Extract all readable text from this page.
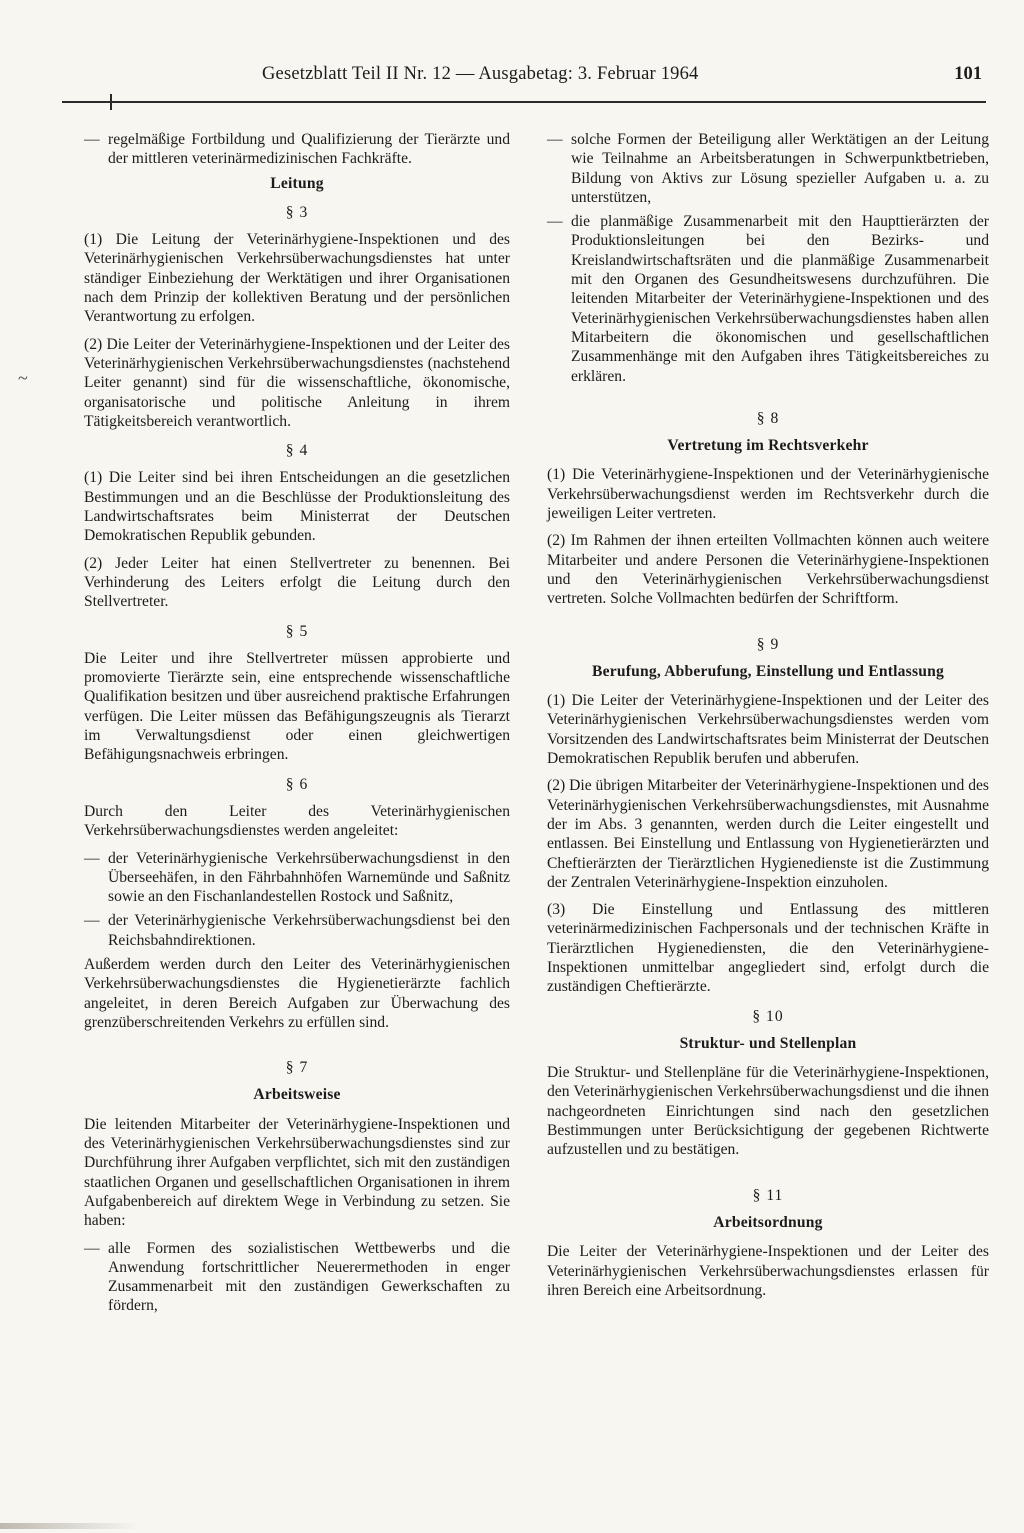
Gesetzblatt Teil II Nr. 12 — Ausgabetag: 3. Februar 1964	101
~
— regelmäßige Fortbildung und Qualifizierung der Tierärzte und der mittleren veterinärmedizinischen Fachkräfte.
Leitung
§ 3

(1) Die Leitung der Veterinärhygiene-Inspektionen und des Veterinärhygienischen Verkehrsüberwachungsdienstes hat unter ständiger Einbeziehung der Werktätigen und ihrer Organisationen nach dem Prinzip der kollektiven Beratung und der persönlichen Verantwortung zu erfolgen.

(2) Die Leiter der Veterinärhygiene-Inspektionen und der Leiter des Veterinärhygienischen Verkehrsüberwachungsdienstes (nachstehend Leiter genannt) sind für die wissenschaftliche, ökonomische, organisatorische und politische Anleitung in ihrem Tätigkeitsbereich verantwortlich.

§ 4

(1) Die Leiter sind bei ihren Entscheidungen an die gesetzlichen Bestimmungen und an die Beschlüsse der Produktionsleitung des Landwirtschaftsrates beim Ministerrat der Deutschen Demokratischen Republik gebunden.

(2) Jeder Leiter hat einen Stellvertreter zu benennen. Bei Verhinderung des Leiters erfolgt die Leitung durch den Stellvertreter.

§ 5

Die Leiter und ihre Stellvertreter müssen approbierte und promovierte Tierärzte sein, eine entsprechende wissenschaftliche Qualifikation besitzen und über ausreichend praktische Erfahrungen verfügen. Die Leiter müssen das Befähigungszeugnis als Tierarzt im Verwaltungsdienst oder einen gleichwertigen Befähigungsnachweis erbringen.

§ 6

Durch den Leiter des Veterinärhygienischen Verkehrsüberwachungsdienstes werden angeleitet:

— der Veterinärhygienische Verkehrsüberwachungsdienst in den Überseehäfen, in den Fährbahnhöfen Warnemünde und Saßnitz sowie an den Fischanlandestellen Rostock und Saßnitz,
— der Veterinärhygienische Verkehrsüberwachungsdienst bei den Reichsbahndirektionen.

Außerdem werden durch den Leiter des Veterinärhygienischen Verkehrsüberwachungsdienstes die Hygienetierärzte fachlich angeleitet, in deren Bereich Aufgaben zur Überwachung des grenzüberschreitenden Verkehrs zu erfüllen sind.

§ 7
Arbeitsweise

Die leitenden Mitarbeiter der Veterinärhygiene-Inspektionen und des Veterinärhygienischen Verkehrsüberwachungsdienstes sind zur Durchführung ihrer Aufgaben verpflichtet, sich mit den zuständigen staatlichen Organen und gesellschaftlichen Organisationen in ihrem Aufgabenbereich auf direktem Wege in Verbindung zu setzen. Sie haben:

— alle Formen des sozialistischen Wettbewerbs und die Anwendung fortschrittlicher Neuerermethoden in enger Zusammenarbeit mit den zuständigen Gewerkschaften zu fördern,
— solche Formen der Beteiligung aller Werktätigen an der Leitung wie Teilnahme an Arbeitsberatungen in Schwerpunktbetrieben, Bildung von Aktivs zur Lösung spezieller Aufgaben u. a. zu unterstützen,
— die planmäßige Zusammenarbeit mit den Haupttierärzten der Produktionsleitungen bei den Bezirks- und Kreislandwirtschaftsräten und die planmäßige Zusammenarbeit mit den Organen des Gesundheitswesens durchzuführen. Die leitenden Mitarbeiter der Veterinärhygiene-Inspektionen und des Veterinärhygienischen Verkehrsüberwachungsdienstes haben allen Mitarbeitern die ökonomischen und gesellschaftlichen Zusammenhänge mit den Aufgaben ihres Tätigkeitsbereiches zu erklären.
§ 8
Vertretung im Rechtsverkehr

(1) Die Veterinärhygiene-Inspektionen und der Veterinärhygienische Verkehrsüberwachungsdienst werden im Rechtsverkehr durch die jeweiligen Leiter vertreten.

(2) Im Rahmen der ihnen erteilten Vollmachten können auch weitere Mitarbeiter und andere Personen die Veterinärhygiene-Inspektionen und den Veterinärhygienischen Verkehrsüberwachungsdienst vertreten. Solche Vollmachten bedürfen der Schriftform.

§ 9
Berufung, Abberufung, Einstellung und Entlassung

(1) Die Leiter der Veterinärhygiene-Inspektionen und der Leiter des Veterinärhygienischen Verkehrsüberwachungsdienstes werden vom Vorsitzenden des Landwirtschaftsrates beim Ministerrat der Deutschen Demokratischen Republik berufen und abberufen.

(2) Die übrigen Mitarbeiter der Veterinärhygiene-Inspektionen und des Veterinärhygienischen Verkehrsüberwachungsdienstes, mit Ausnahme der im Abs. 3 genannten, werden durch die Leiter eingestellt und entlassen. Bei Einstellung und Entlassung von Hygienetierärzten und Cheftierärzten der Tierärztlichen Hygienedienste ist die Zustimmung der Zentralen Veterinärhygiene-Inspektion einzuholen.

(3) Die Einstellung und Entlassung des mittleren veterinärmedizinischen Fachpersonals und der technischen Kräfte in Tierärztlichen Hygienediensten, die den Veterinärhygiene-Inspektionen unmittelbar angegliedert sind, erfolgt durch die zuständigen Cheftierärzte.

§ 10
Struktur- und Stellenplan

Die Struktur- und Stellenpläne für die Veterinärhygiene-Inspektionen, den Veterinärhygienischen Verkehrsüberwachungsdienst und die ihnen nachgeordneten Einrichtungen sind nach den gesetzlichen Bestimmungen unter Berücksichtigung der gegebenen Richtwerte aufzustellen und zu bestätigen.

§ 11
Arbeitsordnung

Die Leiter der Veterinärhygiene-Inspektionen und der Leiter des Veterinärhygienischen Verkehrsüberwachungsdienstes erlassen für ihren Bereich eine Arbeitsordnung.
